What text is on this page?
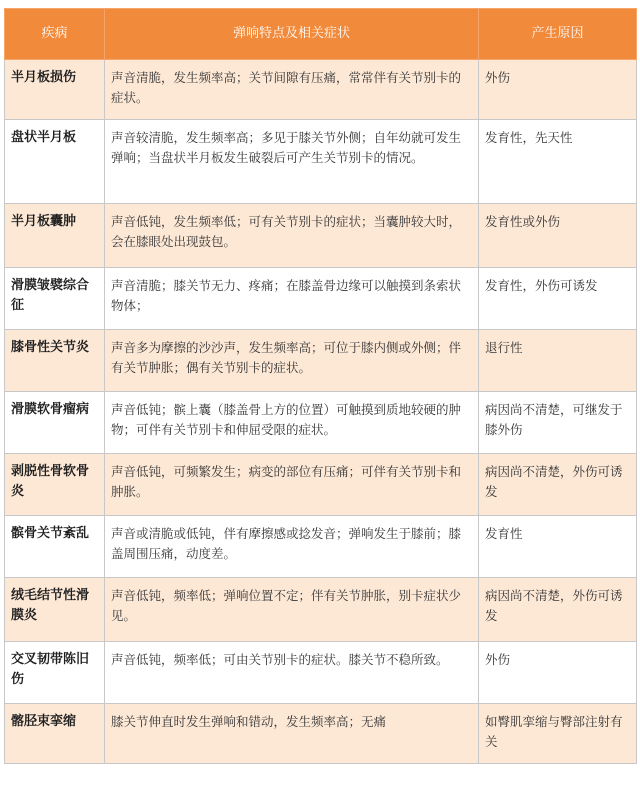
疾病	弹响特点及相关症状	产生原因
半月板损伤	声音清脆，发生频率高；关节间隙有压痛，常常伴有关节别卡的症状。	外伤
盘状半月板	声音较清脆，发生频率高；多见于膝关节外侧；自年幼就可发生弹响；当盘状半月板发生破裂后可产生关节别卡的情况。	发育性，先天性
半月板囊肿	声音低钝，发生频率低；可有关节别卡的症状；当囊肿较大时，会在膝眼处出现鼓包。	发育性或外伤
滑膜皱襞综合征	声音清脆；膝关节无力、疼痛；在膝盖骨边缘可以触摸到条索状物体；	发育性，外伤可诱发
膝骨性关节炎	声音多为摩擦的沙沙声，发生频率高；可位于膝内侧或外侧；伴有关节肿胀；偶有关节别卡的症状。	退行性
滑膜软骨瘤病	声音低钝；髌上囊（膝盖骨上方的位置）可触摸到质地较硬的肿物；可伴有关节别卡和伸屈受限的症状。	病因尚不清楚，可继发于膝外伤
剥脱性骨软骨炎	声音低钝，可频繁发生；病变的部位有压痛；可伴有关节别卡和肿胀。	病因尚不清楚，外伤可诱发
髌骨关节紊乱	声音或清脆或低钝，伴有摩擦感或捻发音；弹响发生于膝前；膝盖周围压痛，动度差。	发育性
绒毛结节性滑膜炎	声音低钝，频率低；弹响位置不定；伴有关节肿胀，别卡症状少见。	病因尚不清楚，外伤可诱发
交叉韧带陈旧伤	声音低钝，频率低；可由关节别卡的症状。膝关节不稳所致。	外伤
髂胫束挛缩	膝关节伸直时发生弹响和错动，发生频率高；无痛	如臀肌挛缩与臀部注射有关
